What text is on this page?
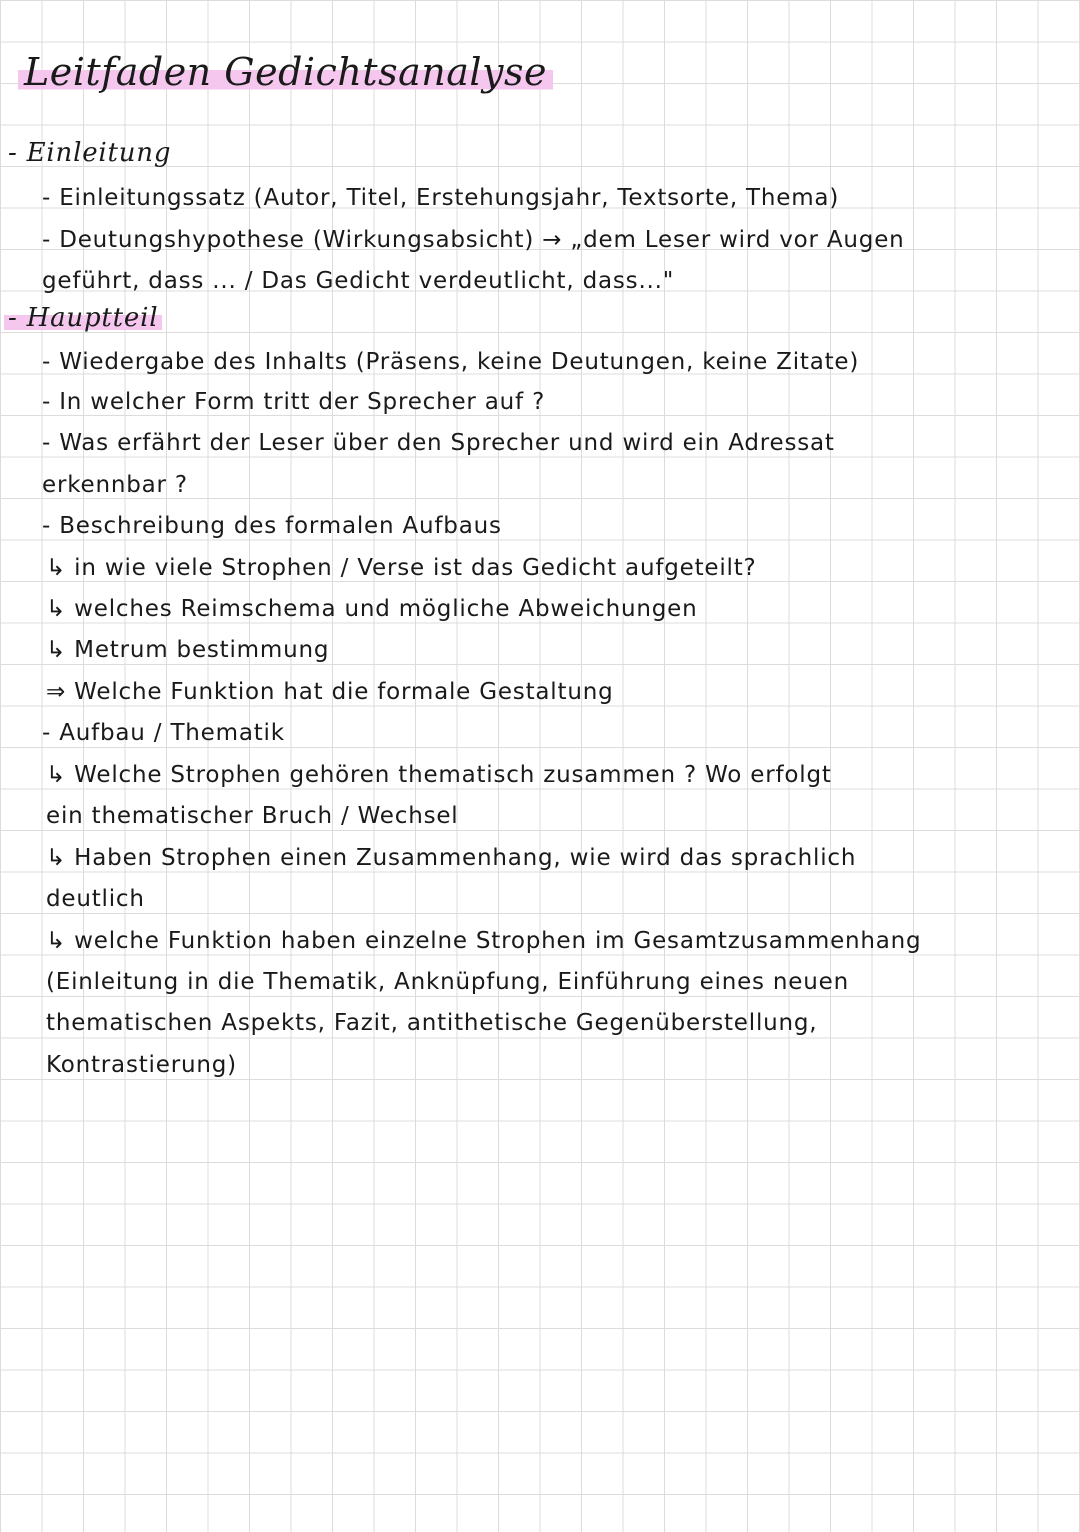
Leitfaden Gedichtsanalyse
- Einleitung
- Einleitungssatz (Autor, Titel, Erstehungsjahr, Textsorte, Thema)
- Deutungshypothese (Wirkungsabsicht) → „dem Leser wird vor Augen
geführt, dass ... / Das Gedicht verdeutlicht, dass..."
- Hauptteil
- Wiedergabe des Inhalts (Präsens, keine Deutungen, keine Zitate)
- In welcher Form tritt der Sprecher auf ?
- Was erfährt der Leser über den Sprecher und wird ein Adressat
erkennbar ?
- Beschreibung des formalen Aufbaus
↳ in wie viele Strophen / Verse ist das Gedicht aufgeteilt?
↳ welches Reimschema und mögliche Abweichungen
↳ Metrum bestimmung
⇒ Welche Funktion hat die formale Gestaltung
- Aufbau / Thematik
↳ Welche Strophen gehören thematisch zusammen ? Wo erfolgt
ein thematischer Bruch / Wechsel
↳ Haben Strophen einen Zusammenhang, wie wird das sprachlich
deutlich
↳ welche Funktion haben einzelne Strophen im Gesamtzusammenhang
(Einleitung in die Thematik, Anknüpfung, Einführung eines neuen
thematischen Aspekts, Fazit, antithetische Gegenüberstellung,
Kontrastierung)
